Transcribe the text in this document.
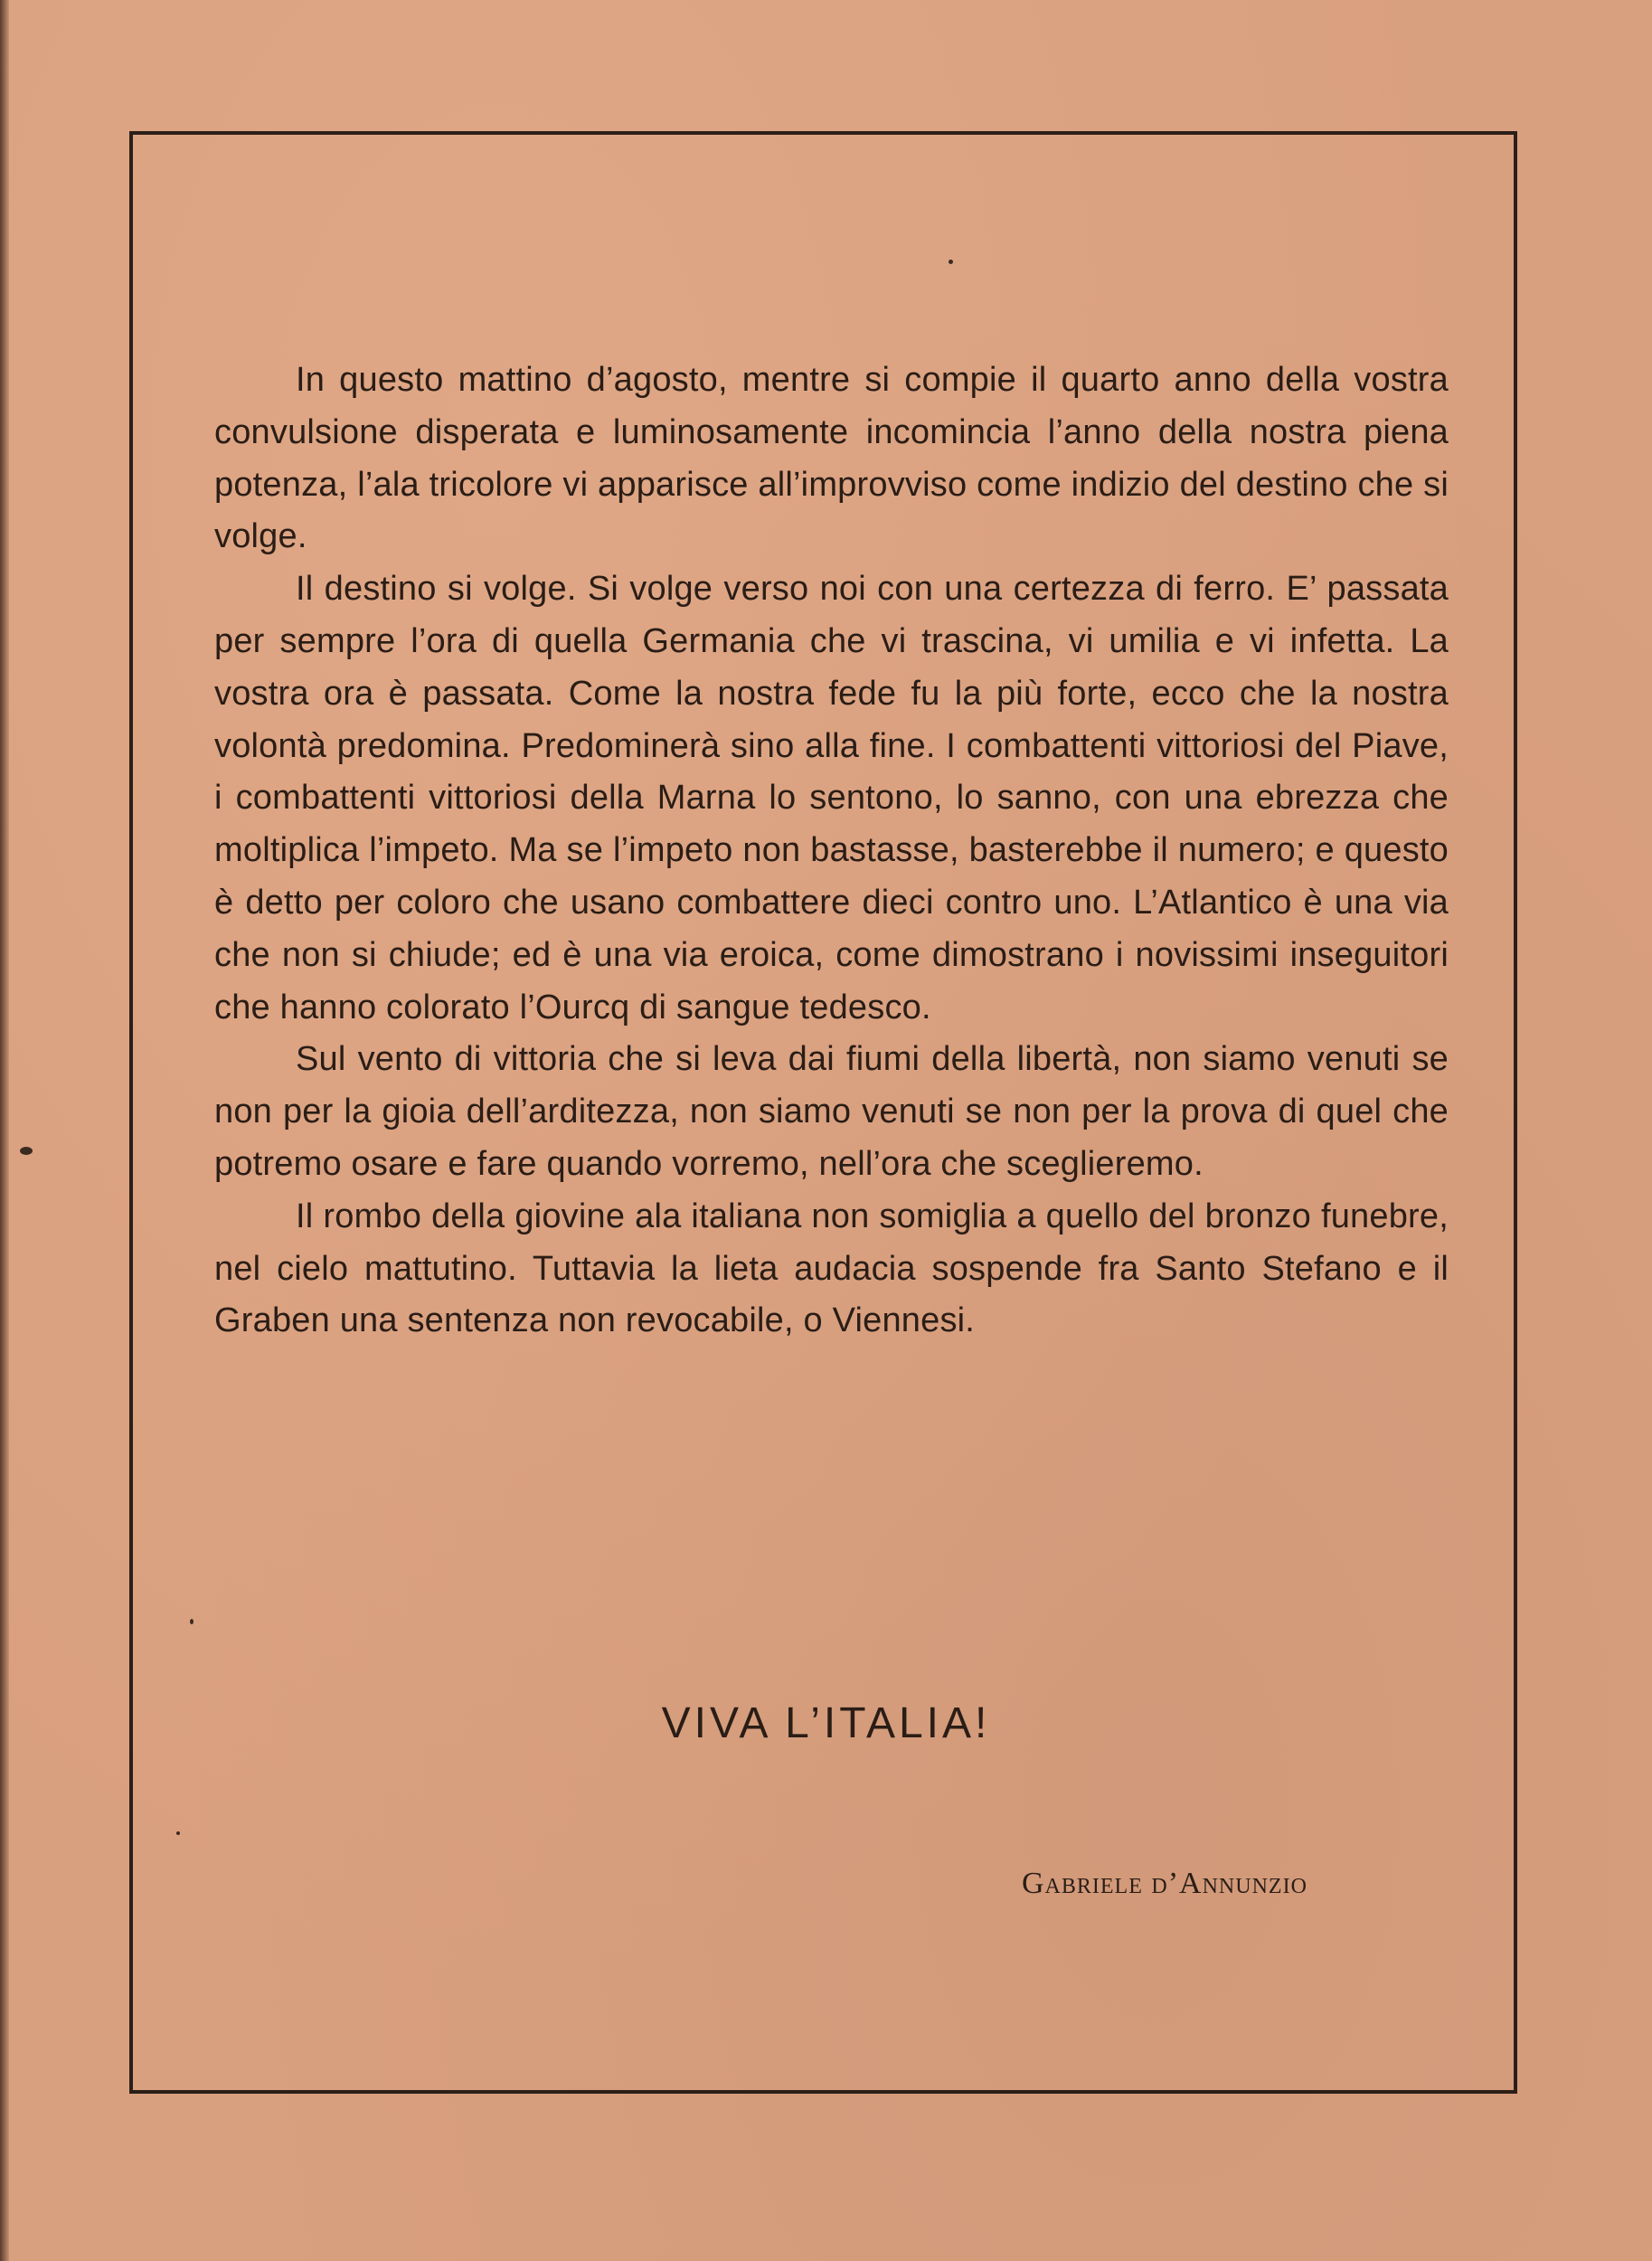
In questo mattino d’agosto, mentre si compie il quarto anno della vostra convulsione disperata e luminosamente incomincia l’anno della nostra piena potenza, l’ala tricolore vi apparisce all’improvviso come indizio del destino che si volge.

Il destino si volge. Si volge verso noi con una certezza di ferro. E’ passata per sempre l’ora di quella Germania che vi trascina, vi umilia e vi infetta. La vostra ora è passata. Come la nostra fede fu la più forte, ecco che la nostra volontà predomina. Predominerà sino alla fine. I combattenti vittoriosi del Piave, i combattenti vittoriosi della Marna lo sentono, lo sanno, con una ebrezza che moltiplica l’impeto. Ma se l’impeto non bastasse, basterebbe il numero; e questo è detto per coloro che usano combattere dieci contro uno. L’Atlantico è una via che non si chiude; ed è una via eroica, come dimostrano i novissimi inseguitori che hanno colorato l’Ourcq di sangue tedesco.

Sul vento di vittoria che si leva dai fiumi della libertà, non siamo venuti se non per la gioia dell’arditezza, non siamo venuti se non per la prova di quel che potremo osare e fare quando vorremo, nell’ora che sceglieremo.

Il rombo della giovine ala italiana non somiglia a quello del bronzo funebre, nel cielo mattutino. Tuttavia la lieta audacia sospende fra Santo Stefano e il Graben una sentenza non revocabile, o Viennesi.

VIVA L’ITALIA!
Gabriele d’Annunzio
